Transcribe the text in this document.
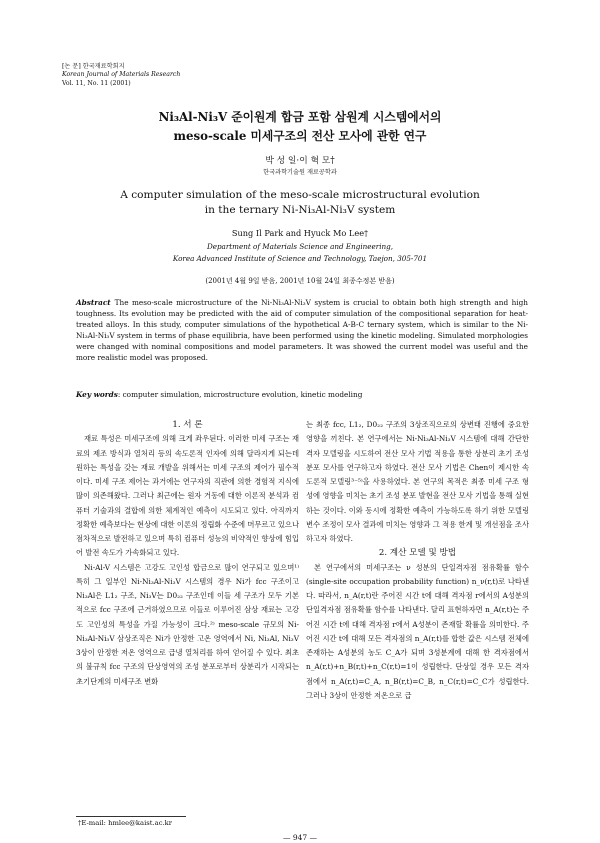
[논 문] 한국재료학회지
Korean Journal of Materials Research
Vol. 11, No. 11 (2001)
Ni₃Al-Ni₃V 준이원계 합금 포함 삼원계 시스템에서의
meso-scale 미세구조의 전산 모사에 관한 연구
박 성 일·이 혁 모†
한국과학기술원 재료공학과
A computer simulation of the meso-scale microstructural evolution
in the ternary Ni-Ni₃Al-Ni₃V system
Sung Il Park and Hyuck Mo Lee†
Department of Materials Science and Engineering,
Korea Advanced Institute of Science and Technology, Taejon, 305-701
(2001년 4월 9일 받음, 2001년 10월 24일 최종수정본 받음)
Abstract The meso-scale microstructure of the Ni-Ni₃Al-Ni₃V system is crucial to obtain both high strength and high toughness. Its evolution may be predicted with the aid of computer simulation of the compositional separation for heat-treated alloys. In this study, computer simulations of the hypothetical A-B-C ternary system, which is similar to the Ni-Ni₃Al-Ni₃V system in terms of phase equilibria, have been performed using the kinetic modeling. Simulated morphologies were changed with nominal compositions and model parameters. It was showed the current model was useful and the more realistic model was proposed.
Key words: computer simulation, microstructure evolution, kinetic modeling
1. 서 론

재료 특성은 미세구조에 의해 크게 좌우된다. 이러한 미세 구조는 재료의 제조 방식과 열처리 등의 속도론적 인자에 의해 달라지게 되는데 원하는 특성을 갖는 재료 개발을 위해서는 미세 구조의 제어가 필수적이다. 미세 구조 제어는 과거에는 연구자의 직관에 의한 경험적 지식에 많이 의존해왔다. 그러나 최근에는 원자 거동에 대한 이론적 분석과 컴퓨터 기술과의 결합에 의한 체계적인 예측이 시도되고 있다. 아직까지 정확한 예측보다는 현상에 대한 이론의 정립화 수준에 머무르고 있으나 점차적으로 발전하고 있으며 특히 컴퓨터 성능의 비약적인 향상에 힘입어 발전 속도가 가속화되고 있다.

Ni-Al-V 시스템은 고강도 고인성 합금으로 많이 연구되고 있으며¹⁾ 특히 그 일부인 Ni-Ni₃Al-Ni₃V 시스템의 경우 Ni가 fcc 구조이고 Ni₃Al은 L1₂ 구조, Ni₃V는 D0₂₂ 구조인데 이들 세 구조가 모두 기본적으로 fcc 구조에 근거하였으므로 이들로 이루어진 삼상 재료는 고강도 고인성의 특성을 가질 가능성이 크다.²⁾ meso-scale 규모의 Ni-Ni₃Al-Ni₃V 삼상조직은 Ni가 안정한 고온 영역에서 Ni, Ni₃Al, Ni₃V 3상이 안정한 저온 영역으로 급냉 열처리를 하여 얻어질 수 있다. 최초의 불규칙 fcc 구조의 단상영역의 조성 분포로부터 상분리가 시작되는 초기단계의 미세구조 변화

는 최종 fcc, L1₂, D0₂₂ 구조의 3상조직으로의 상변태 진행에 중요한 영향을 끼친다. 본 연구에서는 Ni-Ni₃Al-Ni₃V 시스템에 대해 간단한 격자 모델링을 시도하여 전산 모사 기법 적용을 통한 상분리 초기 조성분포 모사를 연구하고자 하였다. 전산 모사 기법은 Chen이 제시한 속도론적 모델링³⁻⁵⁾을 사용하였다. 본 연구의 목적은 최종 미세 구조 형성에 영향을 미치는 초기 조성 분포 발현을 전산 모사 기법을 통해 실현하는 것이다. 이와 동시에 정확한 예측이 가능하도록 하기 위한 모델링 변수 조정이 모사 결과에 미치는 영향과 그 적용 한계 및 개선점을 조사하고자 하였다.

2. 계산 모델 및 방법

본 연구에서의 미세구조는 ν 성분의 단일격자점 점유확률 함수 (single-site occupation probability function) n_ν(r,t)로 나타낸다. 따라서, n_A(r,t)란 주어진 시간 t에 대해 격자점 r에서의 A성분의 단일격자점 점유확률 함수를 나타낸다. 달리 표현하자면 n_A(r,t)는 주어진 시간 t에 대해 격자점 r에서 A성분이 존재할 확률을 의미한다. 주어진 시간 t에 대해 모든 격자점의 n_A(r,t)를 합한 값은 시스템 전체에 존재하는 A성분의 농도 C_A가 되며 3성분계에 대해 한 격자점에서 n_A(r,t)+n_B(r,t)+n_C(r,t)=1이 성립한다. 단상일 경우 모든 격자점에서 n_A(r,t)=C_A, n_B(r,t)=C_B, n_C(r,t)=C_C가 성립한다. 그러나 3상이 안정한 저온으로 급

†E-mail: hmlee@kaist.ac.kr
— 947 —
